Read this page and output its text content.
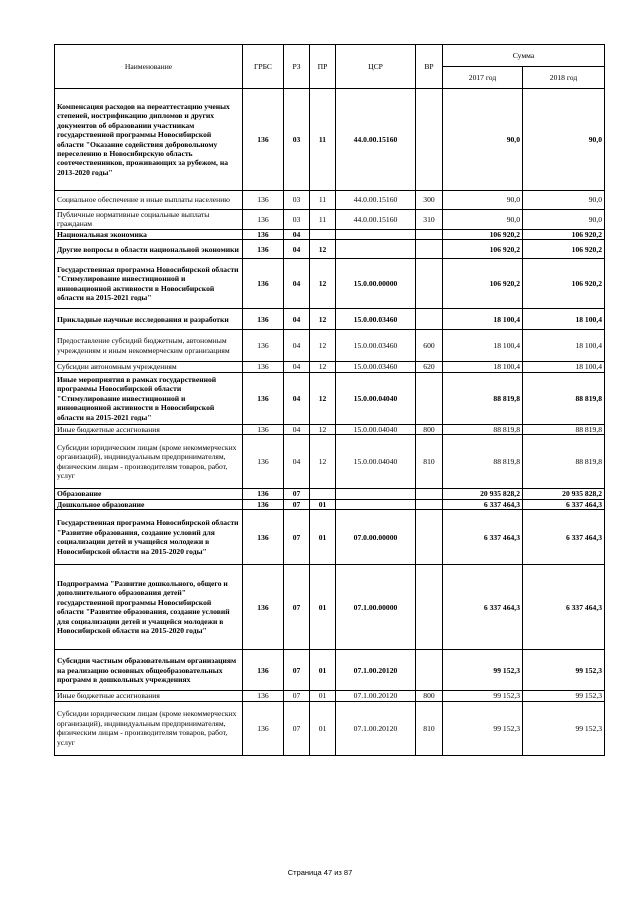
Наименование	ГРБС	РЗ	ПР	ЦСР	ВР	Сумма	
						2017 год	2018 год
Компенсация расходов на переаттестацию ученых степеней, нострификацию дипломов и других документов об образовании участникам государственной программы Новосибирской области "Оказание содействия добровольному переселению в Новосибирскую область соотечественников, проживающих за рубежом, на 2013-2020 годы"	136	03	11	44.0.00.15160		90,0	90,0
Социальное обеспечение и иные выплаты населению	136	03	11	44.0.00.15160	300	90,0	90,0
Публичные нормативные социальные выплаты гражданам	136	03	11	44.0.00.15160	310	90,0	90,0
Национальная экономика	136	04				106 920,2	106 920,2
Другие вопросы в области национальной экономики	136	04	12			106 920,2	106 920,2
Государственная программа Новосибирской области "Стимулирование инвестиционной и инновационной активности в Новосибирской области на 2015-2021 годы"	136	04	12	15.0.00.00000		106 920,2	106 920,2
Прикладные научные исследования и разработки	136	04	12	15.0.00.03460		18 100,4	18 100,4
Предоставление субсидий бюджетным, автономным учреждениям и иным некоммерческим организациям	136	04	12	15.0.00.03460	600	18 100,4	18 100,4
Субсидии автономным учреждениям	136	04	12	15.0.00.03460	620	18 100,4	18 100,4
Иные мероприятия в рамках государственной программы Новосибирской области "Стимулирование инвестиционной и инновационной активности в Новосибирской области на 2015-2021 годы"	136	04	12	15.0.00.04040		88 819,8	88 819,8
Иные бюджетные ассигнования	136	04	12	15.0.00.04040	800	88 819,8	88 819,8
Субсидии юридическим лицам (кроме некоммерческих организаций), индивидуальным предпринимателям, физическим лицам - производителям товаров, работ, услуг	136	04	12	15.0.00.04040	810	88 819,8	88 819,8
Образование	136	07				20 935 828,2	20 935 828,2
Дошкольное образование	136	07	01			6 337 464,3	6 337 464,3
Государственная программа Новосибирской области "Развитие образования, создание условий для социализации детей и учащейся молодежи в Новосибирской области на 2015-2020 годы"	136	07	01	07.0.00.00000		6 337 464,3	6 337 464,3
Подпрограмма "Развитие дошкольного, общего и дополнительного образования детей" государственной программы Новосибирской области "Развитие образования, создание условий для социализации детей и учащейся молодежи в Новосибирской области на 2015-2020 годы"	136	07	01	07.1.00.00000		6 337 464,3	6 337 464,3
Субсидии частным образовательным организациям на реализацию основных общеобразовательных программ в дошкольных учреждениях	136	07	01	07.1.00.20120		99 152,3	99 152,3
Иные бюджетные ассигнования	136	07	01	07.1.00.20120	800	99 152,3	99 152,3
Субсидии юридическим лицам (кроме некоммерческих организаций), индивидуальным предпринимателям, физическим лицам - производителям товаров, работ, услуг	136	07	01	07.1.00.20120	810	99 152,3	99 152,3
Страница 47 из 87
